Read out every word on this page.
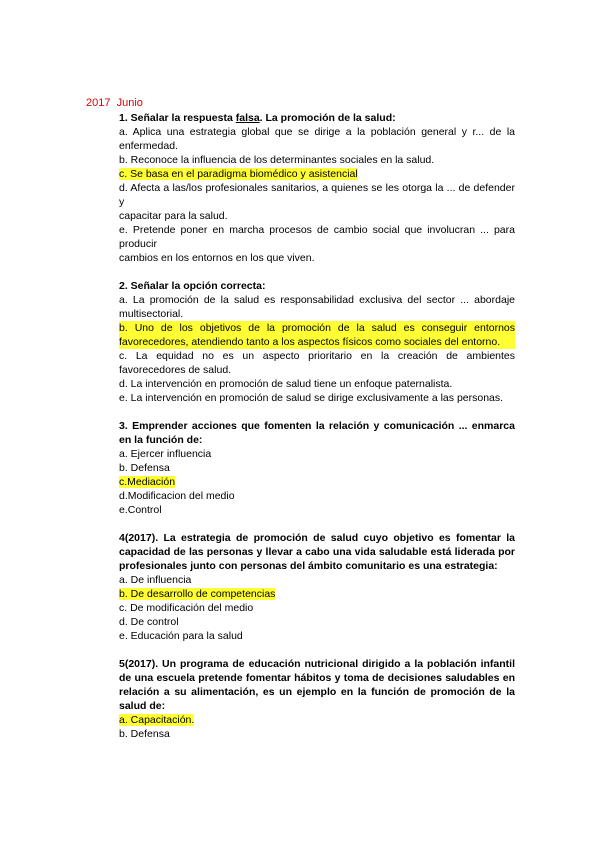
2017 Junio
1. Señalar la respuesta falsa. La promoción de la salud:
a. Aplica una estrategia global que se dirige a la población general y r... de la enfermedad.
b. Reconoce la influencia de los determinantes sociales en la salud.
c. Se basa en el paradigma biomédico y asistencial
d. Afecta a las/los profesionales sanitarios, a quienes se les otorga la ... de defender y
capacitar para la salud.
e. Pretende poner en marcha procesos de cambio social que involucran ... para producir
cambios en los entornos en los que viven.
2. Señalar la opción correcta:
a. La promoción de la salud es responsabilidad exclusiva del sector ... abordaje multisectorial.
b. Uno de los objetivos de la promoción de la salud es conseguir entornos favorecedores, atendiendo tanto a los aspectos físicos como sociales del entorno.
c. La equidad no es un aspecto prioritario en la creación de ambientes favorecedores de salud.
d. La intervención en promoción de salud tiene un enfoque paternalista.
e. La intervención en promoción de salud se dirige exclusivamente a las personas.
3. Emprender acciones que fomenten la relación y comunicación ... enmarca en la función de:
a. Ejercer influencia
b. Defensa
c.Mediación
d.Modificacion del medio
e.Control
4(2017). La estrategia de promoción de salud cuyo objetivo es fomentar la capacidad de las personas y llevar a cabo una vida saludable está liderada por profesionales junto con personas del ámbito comunitario es una estrategia:
a. De influencia
b. De desarrollo de competencias
c. De modificación del medio
d. De control
e. Educación para la salud
5(2017). Un programa de educación nutricional dirigido a la población infantil de una escuela pretende fomentar hábitos y toma de decisiones saludables en relación a su alimentación, es un ejemplo en la función de promoción de la salud de:
a. Capacitación.
b. Defensa
